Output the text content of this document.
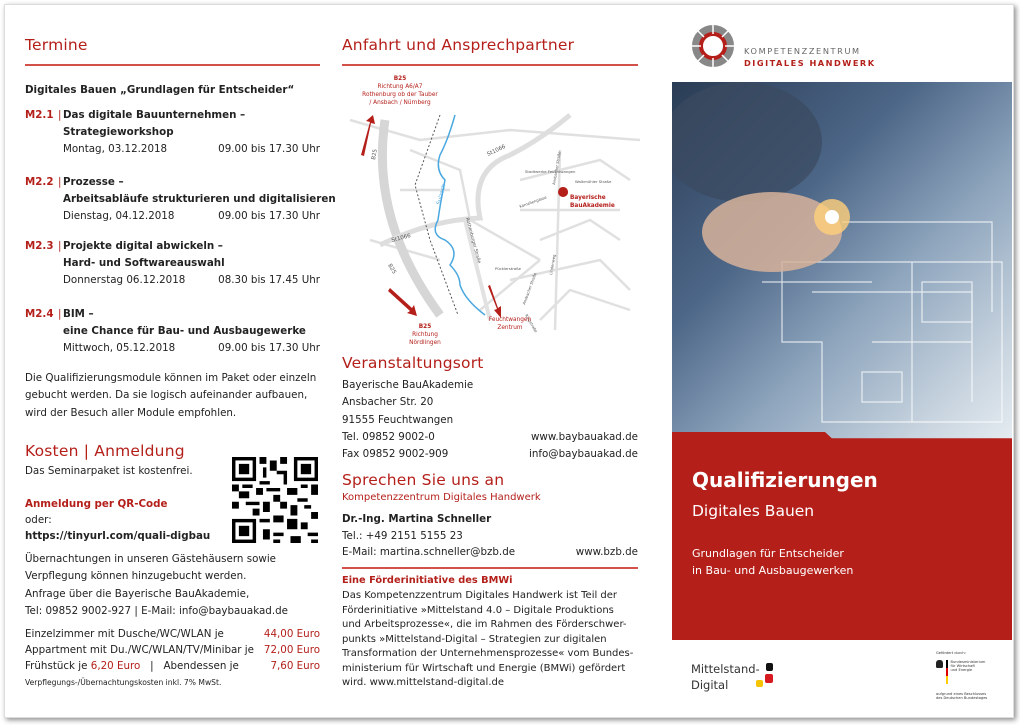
Termine
Digitales Bauen „Grundlagen für Entscheider“
M2.1 | Das digitale Bauunternehmen –
Strategieworkshop
Montag, 03.12.2018	09.00 bis 17.30 Uhr
M2.2 | Prozesse –
Arbeitsabläufe strukturieren und digitalisieren
Dienstag, 04.12.2018	09.00 bis 17.30 Uhr
M2.3 | Projekte digital abwickeln –
Hard- und Softwareauswahl
Donnerstag 06.12.2018	08.30 bis 17.45 Uhr
M2.4 | BIM –
eine Chance für Bau- und Ausbaugewerke
Mittwoch, 05.12.2018	09.00 bis 17.30 Uhr
Die Qualifizierungsmodule können im Paket oder einzeln
gebucht werden. Da sie logisch aufeinander aufbauen,
wird der Besuch aller Module empfohlen.
Kosten | Anmeldung
Das Seminarpaket ist kostenfrei.
Anmeldung per QR-Code
oder:
https://tinyurl.com/quali-digbau
Übernachtungen in unseren Gästehäusern sowie
Verpflegung können hinzugebucht werden.
Anfrage über die Bayerische BauAkademie,
Tel: 09852 9002-927 | E-Mail: info@baybauakad.de
Einzelzimmer mit Dusche/WC/WLAN je	44,00 Euro
Appartment mit Du./WC/WLAN/TV/Minibar je 72,00 Euro
Frühstück je 6,20 Euro | Abendessen je	7,60 Euro
Verpflegungs-/Übernachtungskosten inkl. 7% MwSt.
Anfahrt und Ansprechpartner
B25
B25
St1066
St1066
Sulzach
Rothenburger Straße
Stadtwerke Feuchtwangen
Ansbacher Straße	Walkmühler Straße
Kameliengasse
Pücklerstraße
Ansbacher Straße
Ringstraße
Lindenweg
B25
Richtung A6/A7
Rothenburg ob der Tauber
/ Ansbach / Nürnberg
B25
Richtung
Nördlingen
Feuchtwangen
Zentrum
Bayerische
BauAkademie
Veranstaltungsort
Bayerische BauAkademie
Ansbacher Str. 20
91555 Feuchtwangen
Tel. 09852 9002-0	www.baybauakad.de
Fax 09852 9002-909	info@baybauakad.de
Sprechen Sie uns an
Kompetenzzentrum Digitales Handwerk
Dr.-Ing. Martina Schneller
Tel.: +49 2151 5155 23
E-Mail: martina.schneller@bzb.de	www.bzb.de
Eine Förderinitiative des BMWi
Das Kompetenzzentrum Digitales Handwerk ist Teil der
Förderinitiative »Mittelstand 4.0 – Digitale Produktions
und Arbeitsprozesse«, die im Rahmen des Förderschwer-
punkts »Mittelstand-Digital – Strategien zur digitalen
Transformation der Unternehmensprozesse« vom Bundes-
ministerium für Wirtschaft und Energie (BMWi) gefördert
wird. www.mittelstand-digital.de
KOMPETENZZENTRUM
DIGITALES HANDWERK
Qualifizierungen
Digitales Bauen
Grundlagen für Entscheider
in Bau- und Ausbaugewerken
Mittelstand-
Digital
Gefördert durch:
Bundesministerium
für Wirtschaft
und Energie
aufgrund eines Beschlusses
des Deutschen Bundestages
